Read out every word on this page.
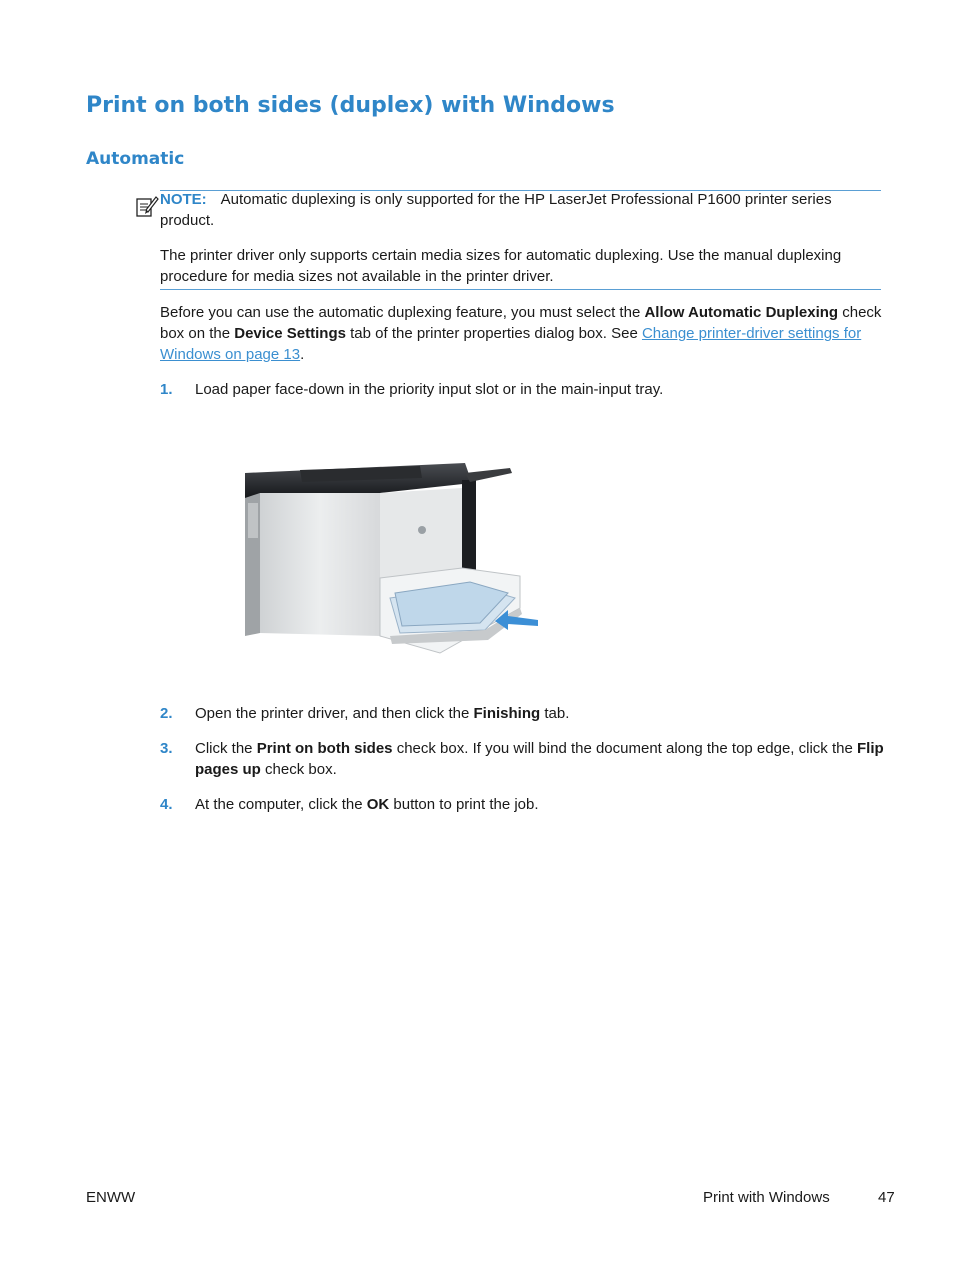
Print on both sides (duplex) with Windows
Automatic

NOTE: Automatic duplexing is only supported for the HP LaserJet Professional P1600 printer series
product.

The printer driver only supports certain media sizes for automatic duplexing. Use the manual duplexing procedure for media sizes not available in the printer driver.

Before you can use the automatic duplexing feature, you must select the Allow Automatic Duplexing check box on the Device Settings tab of the printer properties dialog box. See Change printer-driver settings for Windows on page 13.

1. Load paper face-down in the priority input slot or in the main-input tray.

2. Open the printer driver, and then click the Finishing tab.

3. Click the Print on both sides check box. If you will bind the document along the top edge, click the Flip pages up check box.

4. At the computer, click the OK button to print the job.

ENWW	Print with Windows	47
